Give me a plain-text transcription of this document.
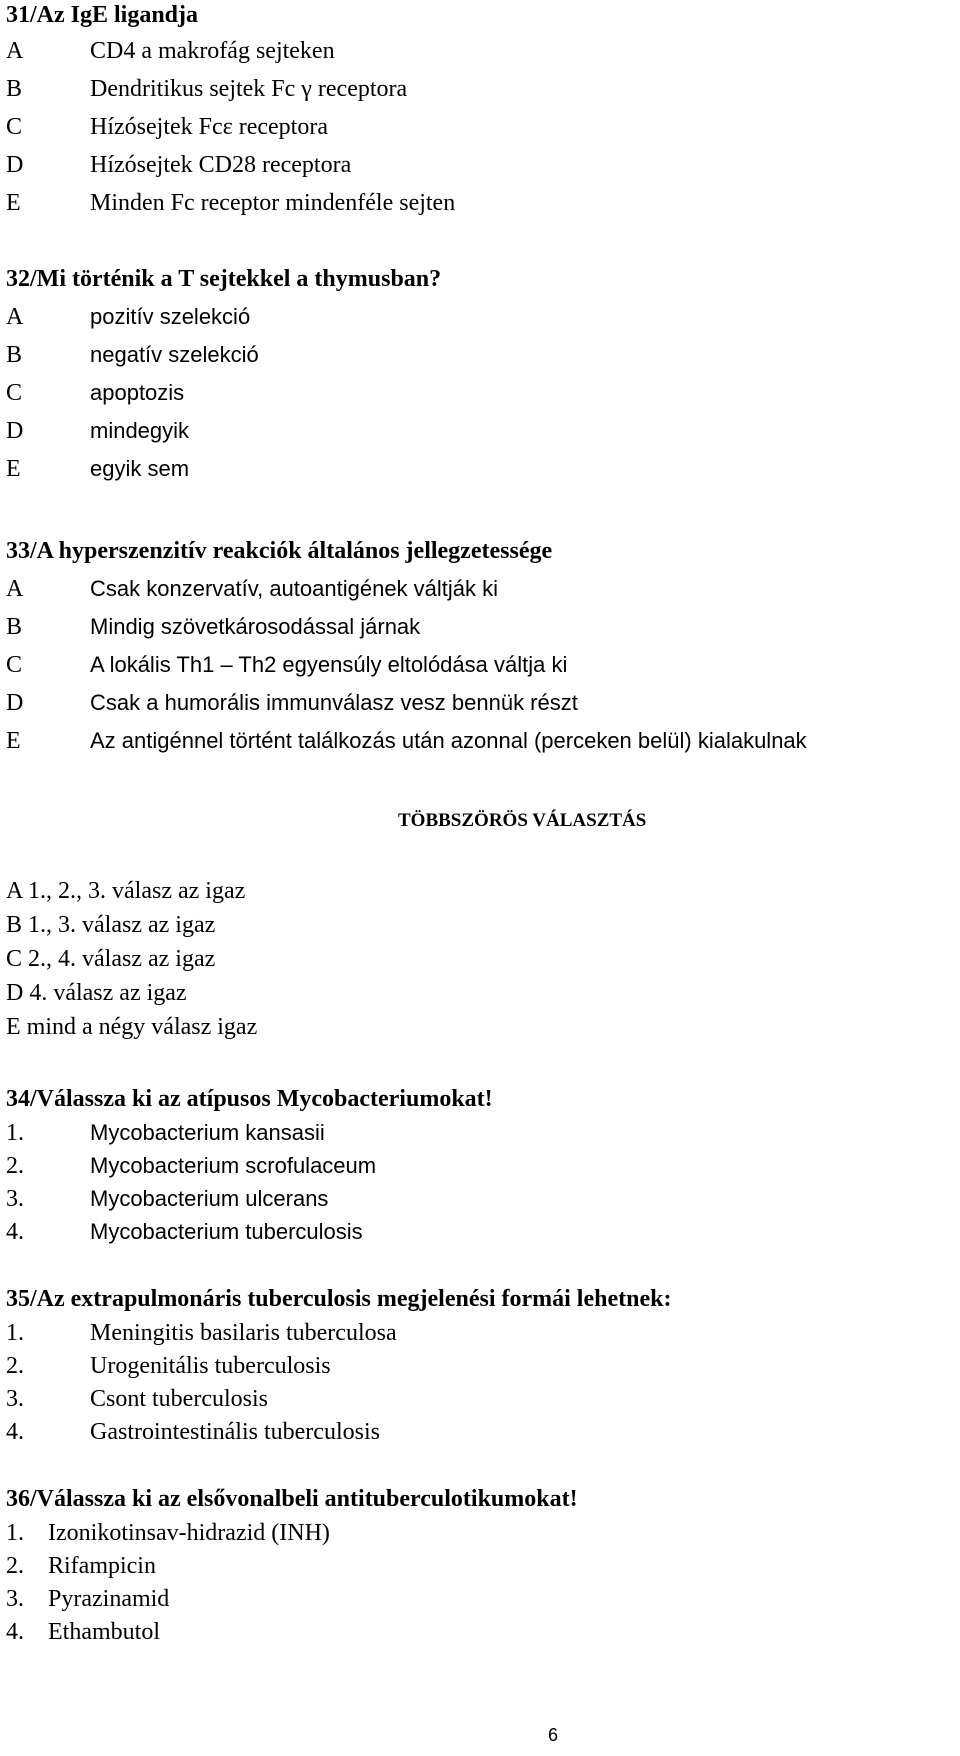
31/Az IgE ligandja
A	CD4 a makrofág sejteken
B	Dendritikus sejtek Fc γ receptora
C	Hízósejtek Fcε receptora
D	Hízósejtek CD28 receptora
E	Minden Fc receptor mindenféle sejten
32/Mi történik a T sejtekkel a thymusban?
A	pozitív szelekció
B	negatív szelekció
C	apoptozis
D	mindegyik
E	egyik sem
33/A hyperszenzitív reakciók általános jellegzetessége
A	Csak konzervatív, autoantigének váltják ki
B	Mindig szövetkárosodással járnak
C	A lokális Th1 – Th2 egyensúly eltolódása váltja ki
D	Csak a humorális immunválasz vesz bennük részt
E	Az antigénnel történt találkozás után azonnal (perceken belül) kialakulnak
TÖBBSZÖRÖS VÁLASZTÁS
A 1., 2., 3. válasz az igaz
B 1., 3. válasz az igaz
C 2., 4. válasz az igaz
D 4. válasz az igaz
E mind a négy válasz igaz
34/Válassza ki az atípusos Mycobacteriumokat!
1.	Mycobacterium kansasii
2.	Mycobacterium scrofulaceum
3.	Mycobacterium ulcerans
4.	Mycobacterium tuberculosis
35/Az extrapulmonáris tuberculosis megjelenési formái lehetnek:
1.	Meningitis basilaris tuberculosa
2.	Urogenitális tuberculosis
3.	Csont tuberculosis
4.	Gastrointestinális tuberculosis
36/Válassza ki az elsővonalbeli antituberculotikumokat!
1.	Izonikotinsav-hidrazid (INH)
2.	Rifampicin
3.	Pyrazinamid
4.	Ethambutol
6
